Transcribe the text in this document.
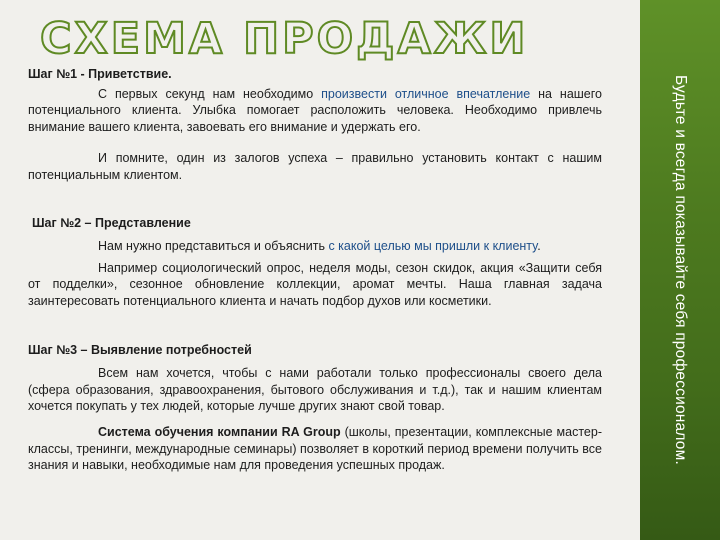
СХЕМА ПРОДАЖИ

Шаг №1 - Приветствие.

С первых секунд нам необходимо произвести отличное впечатление на нашего потенциального клиента. Улыбка помогает расположить человека. Необходимо привлечь внимание вашего клиента, завоевать его внимание и удержать его.

И помните, один из залогов успеха – правильно установить контакт с нашим потенциальным клиентом.

Шаг №2 – Представление

Нам нужно представиться и объяснить с какой целью мы пришли к клиенту.

Например социологический опрос, неделя моды, сезон скидок, акция «Защити себя от подделки», сезонное обновление коллекции, аромат мечты. Наша главная задача заинтересовать потенциального клиента и начать подбор духов или косметики.

Шаг №3 – Выявление потребностей

Всем нам хочется, чтобы с нами работали только профессионалы своего дела (сфера образования, здравоохранения, бытового обслуживания и т.д.), так и нашим клиентам хочется покупать у тех людей, которые лучше других знают свой товар.

Система обучения компании RA Group (школы, презентации, комплексные мастер-классы, тренинги, международные семинары) позволяет в короткий период времени получить все знания и навыки, необходимые нам для проведения успешных продаж.

Будьте и всегда показывайте себя профессионалом.
